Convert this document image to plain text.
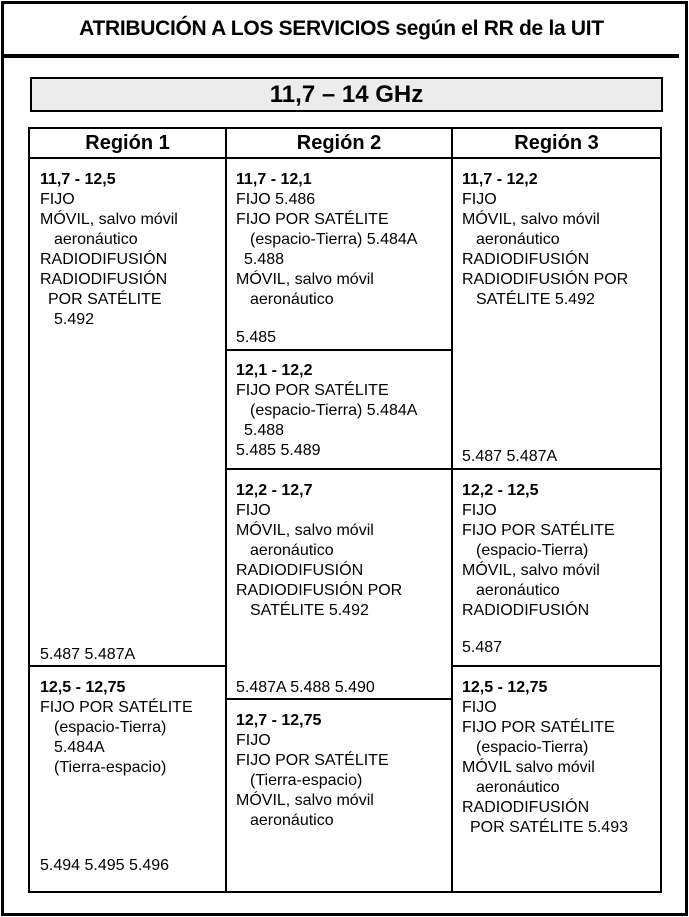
ATRIBUCIÓN A LOS SERVICIOS según el RR de la UIT
11,7 – 14 GHz
Región 1	Región 2	Región 3
11,7 - 12,5
FIJO
MÓVIL, salvo móvil
aeronáutico
RADIODIFUSIÓN
RADIODIFUSIÓN
POR SATÉLITE
5.492
5.487 5.487A
12,5 - 12,75
FIJO POR SATÉLITE
(espacio-Tierra)
5.484A
(Tierra-espacio)
5.494 5.495 5.496
11,7 - 12,1
FIJO 5.486
FIJO POR SATÉLITE
(espacio-Tierra) 5.484A
5.488
MÓVIL, salvo móvil
aeronáutico
5.485
12,1 - 12,2
FIJO POR SATÉLITE
(espacio-Tierra) 5.484A
5.488
5.485 5.489
12,2 - 12,7
FIJO
MÓVIL, salvo móvil
aeronáutico
RADIODIFUSIÓN
RADIODIFUSIÓN POR
SATÉLITE 5.492
5.487A 5.488 5.490
12,7 - 12,75
FIJO
FIJO POR SATÉLITE
(Tierra-espacio)
MÓVIL, salvo móvil
aeronáutico
11,7 - 12,2
FIJO
MÓVIL, salvo móvil
aeronáutico
RADIODIFUSIÓN
RADIODIFUSIÓN POR
SATÉLITE 5.492
5.487 5.487A
12,2 - 12,5
FIJO
FIJO POR SATÉLITE
(espacio-Tierra)
MÓVIL, salvo móvil
aeronáutico
RADIODIFUSIÓN
5.487
12,5 - 12,75
FIJO
FIJO POR SATÉLITE
(espacio-Tierra)
MÓVIL salvo móvil
aeronáutico
RADIODIFUSIÓN
POR SATÉLITE 5.493
